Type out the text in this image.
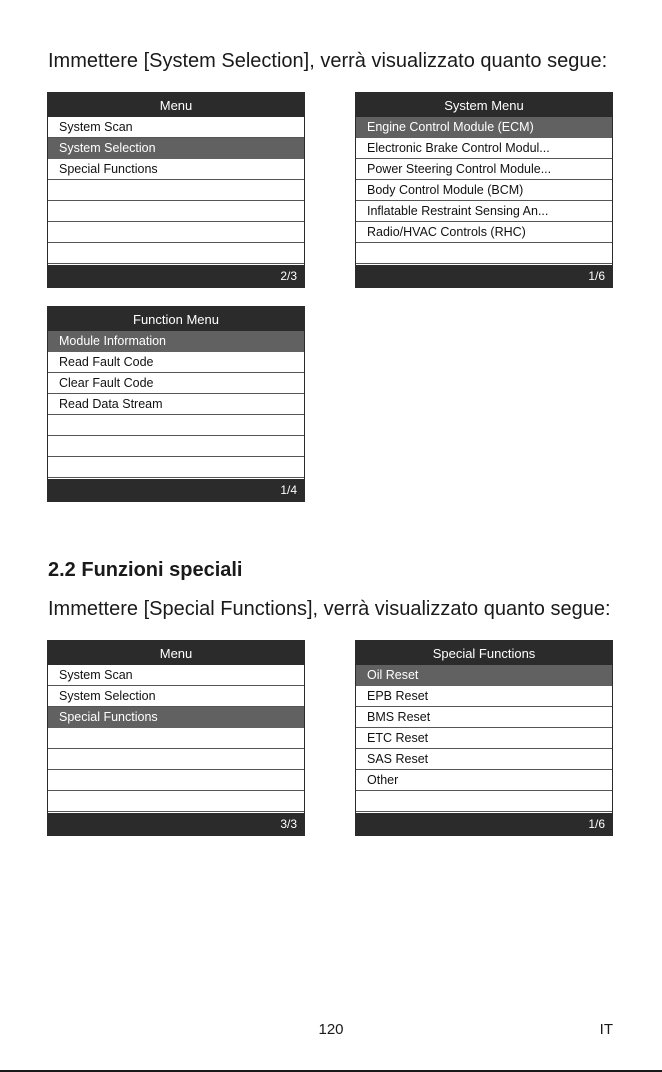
Immettere [System Selection], verrà visualizzato quanto segue:
Menu
System Scan
System Selection
Special Functions
2/3
System Menu
Engine Control Module (ECM)
Electronic Brake Control Modul...
Power Steering Control Module...
Body Control Module (BCM)
Inflatable Restraint Sensing An...
Radio/HVAC Controls (RHC)
1/6
Function Menu
Module Information
Read Fault Code
Clear Fault Code
Read Data Stream
1/4
2.2 Funzioni speciali
Immettere [Special Functions], verrà visualizzato quanto segue:
Menu
System Scan
System Selection
Special Functions
3/3
Special Functions
Oil Reset
EPB Reset
BMS Reset
ETC Reset
SAS Reset
Other
1/6
120	IT
